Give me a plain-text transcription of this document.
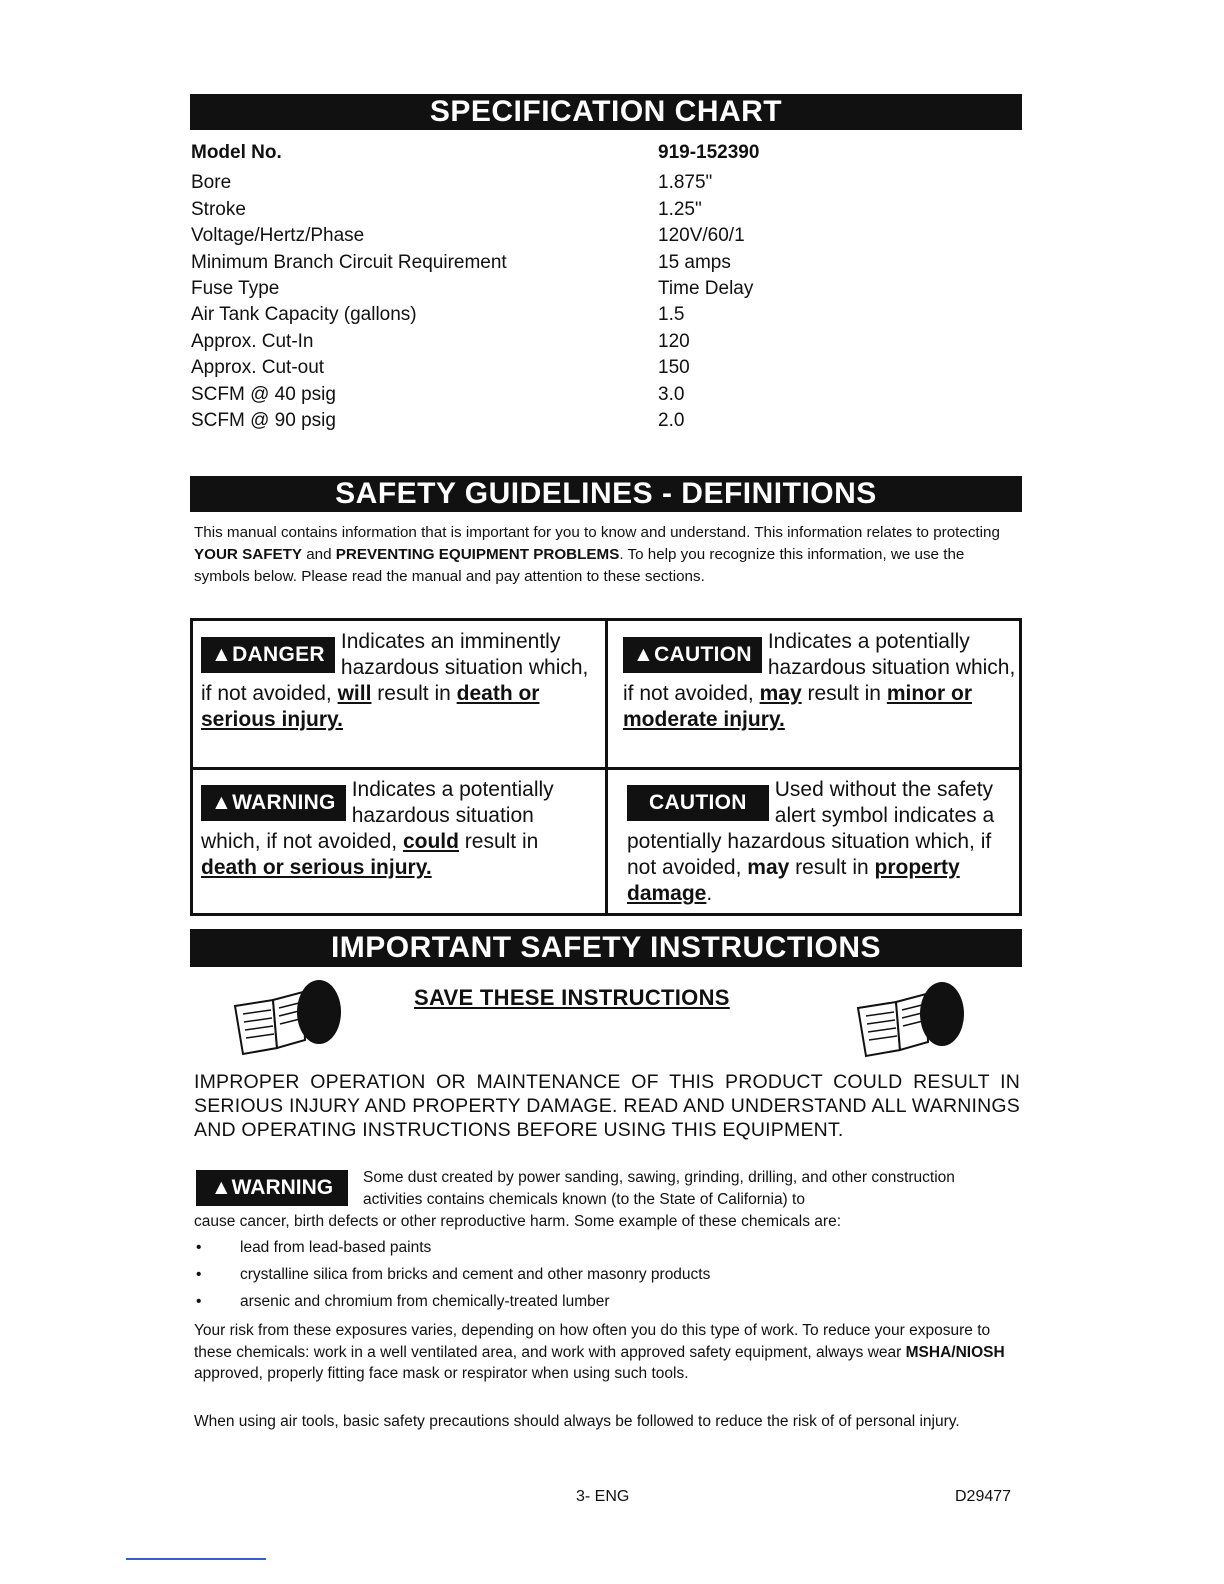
SPECIFICATION CHART
Model No.	919-152390
Bore	1.875"
Stroke	1.25"
Voltage/Hertz/Phase	120V/60/1
Minimum Branch Circuit Requirement	15 amps
Fuse Type	Time Delay
Air Tank Capacity (gallons)	1.5
Approx. Cut-In	120
Approx. Cut-out	150
SCFM @ 40 psig	3.0
SCFM @ 90 psig	2.0
SAFETY GUIDELINES - DEFINITIONS
This manual contains information that is important for you to know and understand. This information relates to protecting YOUR SAFETY and PREVENTING EQUIPMENT PROBLEMS. To help you recognize this information, we use the symbols below. Please read the manual and pay attention to these sections.
▲DANGER
Indicates an imminently hazardous situation which, if not avoided, will result in death or serious injury.
▲CAUTION
Indicates a potentially hazardous situation which, if not avoided, may result in minor or moderate injury.
▲WARNING
Indicates a potentially hazardous situation which, if not avoided, could result in death or serious injury.
CAUTION
Used without the safety alert symbol indicates a potentially hazardous situation which, if not avoided, may result in property damage.
IMPORTANT SAFETY INSTRUCTIONS
SAVE THESE INSTRUCTIONS
IMPROPER OPERATION OR MAINTENANCE OF THIS PRODUCT COULD RESULT IN SERIOUS INJURY AND PROPERTY DAMAGE. READ AND UNDERSTAND ALL WARNINGS AND OPERATING INSTRUCTIONS BEFORE USING THIS EQUIPMENT.
▲WARNING	Some dust created by power sanding, sawing, grinding, drilling, and other construction activities contains chemicals known (to the State of California) to
cause cancer, birth defects or other reproductive harm. Some example of these chemicals are:
• lead from lead-based paints
• crystalline silica from bricks and cement and other masonry products
• arsenic and chromium from chemically-treated lumber
Your risk from these exposures varies, depending on how often you do this type of work. To reduce your exposure to these chemicals: work in a well ventilated area, and work with approved safety equipment, always wear MSHA/NIOSH approved, properly fitting face mask or respirator when using such tools.
When using air tools, basic safety precautions should always be followed to reduce the risk of of personal injury.
3- ENG	D29477
